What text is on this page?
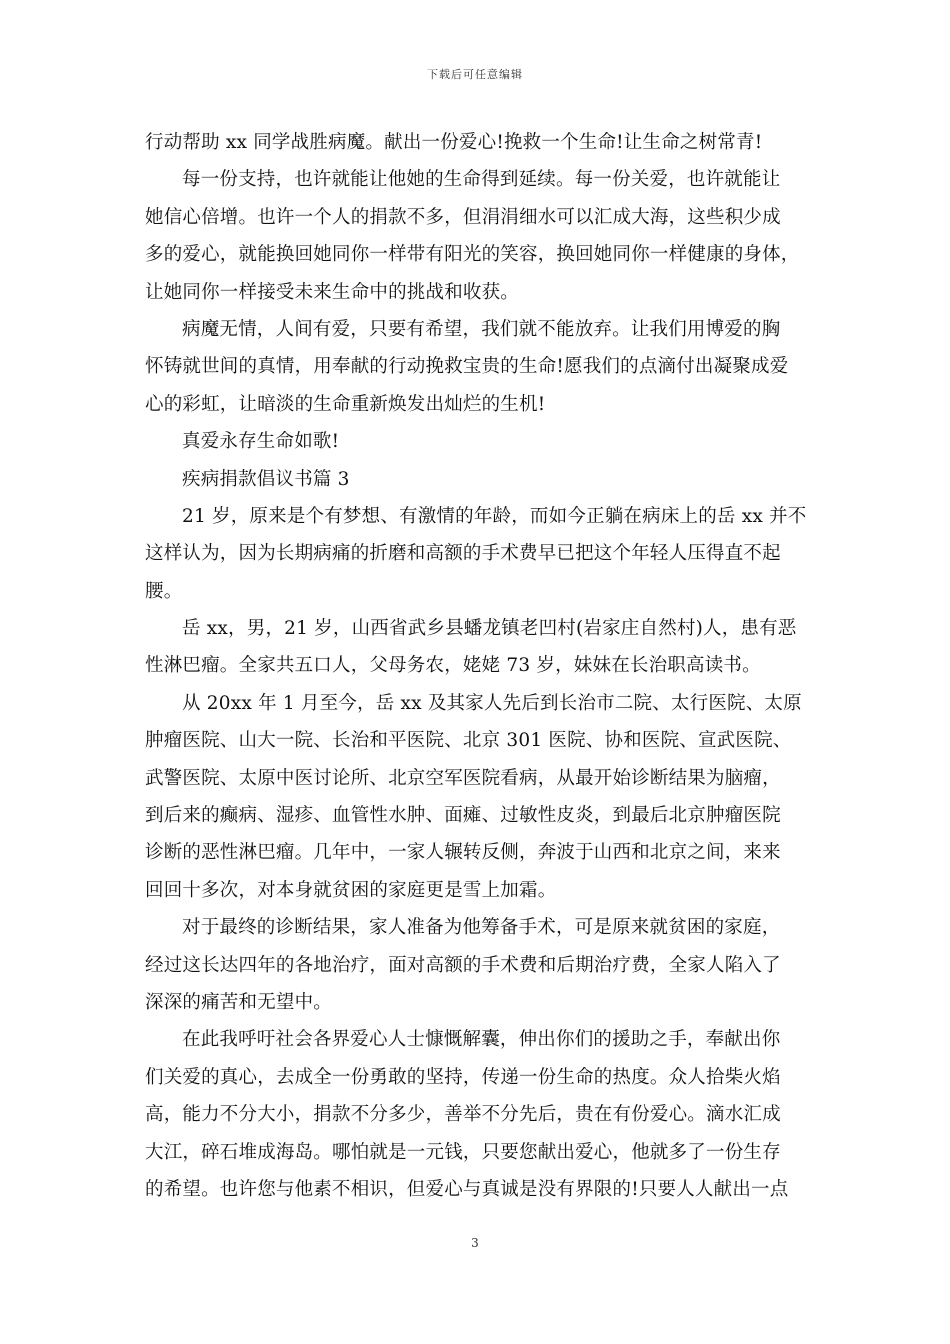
下载后可任意编辑
行动帮助 xx 同学战胜病魔。献出一份爱心!挽救一个生命!让生命之树常青!
每一份支持，也许就能让他她的生命得到延续。每一份关爱，也许就能让
她信心倍增。也许一个人的捐款不多，但涓涓细水可以汇成大海，这些积少成
多的爱心，就能换回她同你一样带有阳光的笑容，换回她同你一样健康的身体，
让她同你一样接受未来生命中的挑战和收获。
病魔无情，人间有爱，只要有希望，我们就不能放弃。让我们用博爱的胸
怀铸就世间的真情，用奉献的行动挽救宝贵的生命!愿我们的点滴付出凝聚成爱
心的彩虹，让暗淡的生命重新焕发出灿烂的生机!
真爱永存生命如歌!
疾病捐款倡议书篇 3
21 岁，原来是个有梦想、有激情的年龄，而如今正躺在病床上的岳 xx 并不
这样认为，因为长期病痛的折磨和高额的手术费早已把这个年轻人压得直不起
腰。
岳 xx，男，21 岁，山西省武乡县蟠龙镇老凹村(岩家庄自然村)人，患有恶
性淋巴瘤。全家共五口人，父母务农，姥姥 73 岁，妹妹在长治职高读书。
从 20xx 年 1 月至今，岳 xx 及其家人先后到长治市二院、太行医院、太原
肿瘤医院、山大一院、长治和平医院、北京 301 医院、协和医院、宣武医院、
武警医院、太原中医讨论所、北京空军医院看病，从最开始诊断结果为脑瘤，
到后来的癫病、湿疹、血管性水肿、面瘫、过敏性皮炎，到最后北京肿瘤医院
诊断的恶性淋巴瘤。几年中，一家人辗转反侧，奔波于山西和北京之间，来来
回回十多次，对本身就贫困的家庭更是雪上加霜。
对于最终的诊断结果，家人准备为他筹备手术，可是原来就贫困的家庭，
经过这长达四年的各地治疗，面对高额的手术费和后期治疗费，全家人陷入了
深深的痛苦和无望中。
在此我呼吁社会各界爱心人士慷慨解囊，伸出你们的援助之手，奉献出你
们关爱的真心，去成全一份勇敢的坚持，传递一份生命的热度。众人拾柴火焰
高，能力不分大小，捐款不分多少，善举不分先后，贵在有份爱心。滴水汇成
大江，碎石堆成海岛。哪怕就是一元钱，只要您献出爱心，他就多了一份生存
的希望。也许您与他素不相识，但爱心与真诚是没有界限的!只要人人献出一点
3
